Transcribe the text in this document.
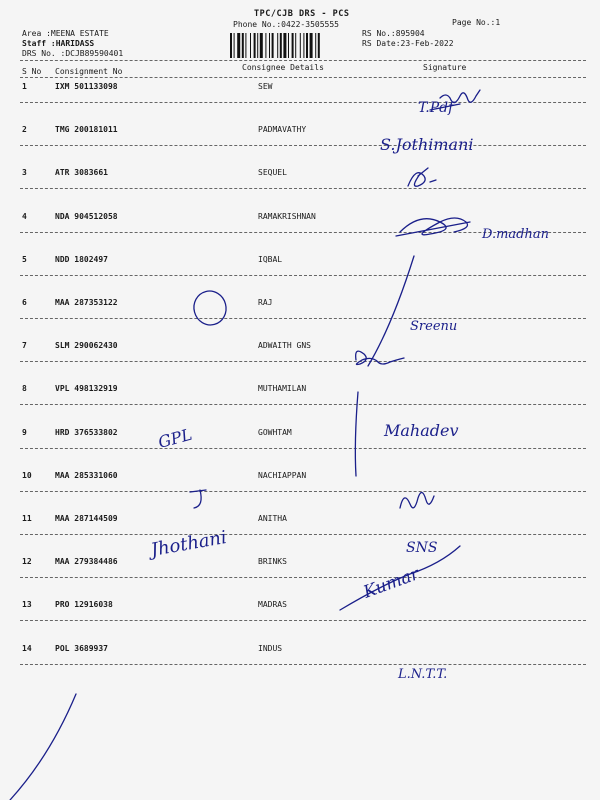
TPC/CJB DRS - PCS
Phone No.:0422-3505555	Page No.:1
Area :MEENA ESTATE
Staff :HARIDASS
DRS No. :DCJB89590401
RS No.:895904
RS Date:23-Feb-2022
S No Consignment No	Consignee Details	Signature
1	IXM 501133098	SEW
2	TMG 200181011	PADMAVATHY
3	ATR 3083661	SEQUEL
4	NDA 904512058	RAMAKRISHNAN
5	NDD 1802497	IQBAL
6	MAA 287353122	RAJ
7	SLM 290062430	ADWAITH GNS
8	VPL 498132919	MUTHAMILAN
9	HRD 376533802	GOWHTAM
10	MAA 285331060	NACHIAPPAN
11	MAA 287144509	ANITHA
12	MAA 279384486	BRINKS
13	PRO 12916038	MADRAS
14	POL 3689937	INDUS
T.Pdf
S.Jothimani
D.madhan
Sreenu
Mahadev
GPL
Jhothani	SNS
Kumar
L.N.T.T.
